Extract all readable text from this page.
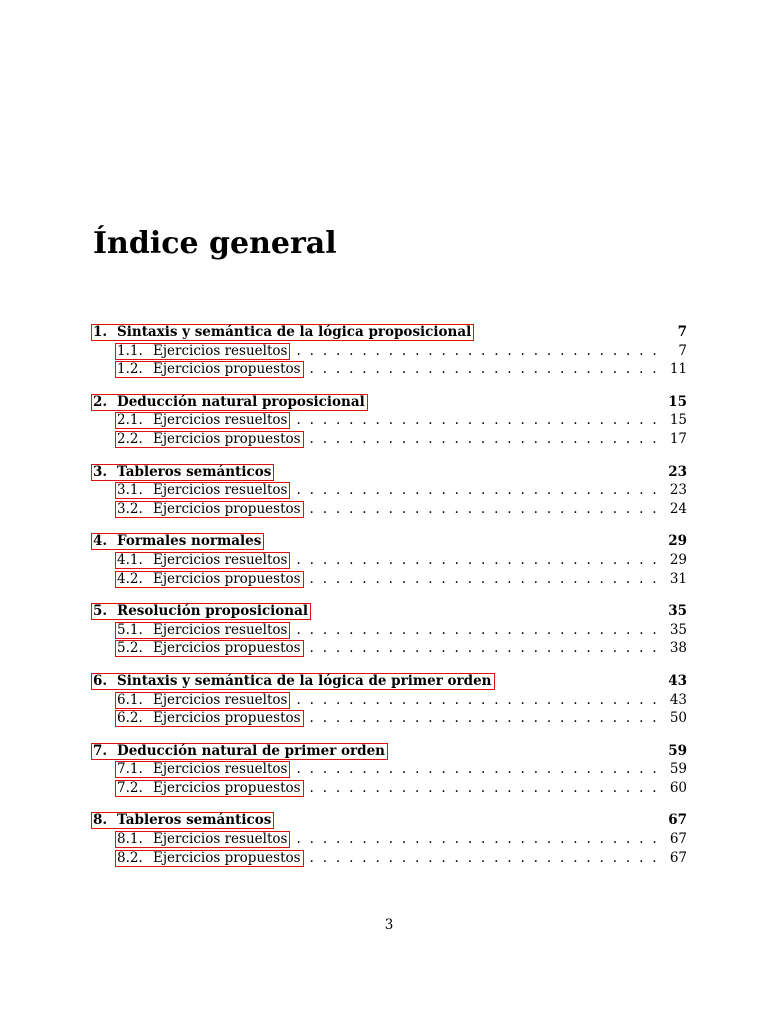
Índice general
1. Sintaxis y semántica de la lógica proposicional	7
1.1. Ejercicios resueltos . . .	7
1.2. Ejercicios propuestos . . .	11
2. Deducción natural proposicional	15
2.1. Ejercicios resueltos . . .	15
2.2. Ejercicios propuestos . . .	17
3. Tableros semánticos	23
3.1. Ejercicios resueltos . . .	23
3.2. Ejercicios propuestos . . .	24
4. Formales normales	29
4.1. Ejercicios resueltos . . .	29
4.2. Ejercicios propuestos . . .	31
5. Resolución proposicional	35
5.1. Ejercicios resueltos . . .	35
5.2. Ejercicios propuestos . . .	38
6. Sintaxis y semántica de la lógica de primer orden	43
6.1. Ejercicios resueltos . . .	43
6.2. Ejercicios propuestos . . .	50
7. Deducción natural de primer orden	59
7.1. Ejercicios resueltos . . .	59
7.2. Ejercicios propuestos . . .	60
8. Tableros semánticos	67
8.1. Ejercicios resueltos . . .	67
8.2. Ejercicios propuestos . . .	67
3
